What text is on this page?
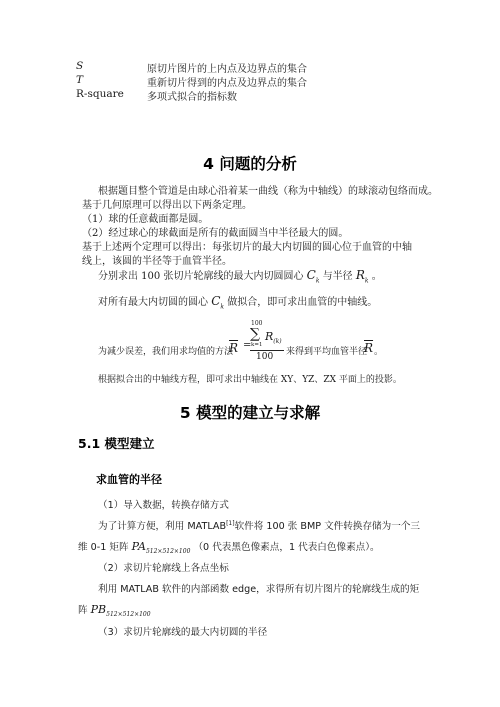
S	原切片图片的上内点及边界点的集合
T	重新切片得到的内点及边界点的集合
R-square 多项式拟合的指标数
4 问题的分析
根据题目整个管道是由球心沿着某一曲线（称为中轴线）的球滚动包络而成。
基于几何原理可以得出以下两条定理。
（1）球的任意截面都是圆。
（2）经过球心的球截面是所有的截面圆当中半径最大的圆。
基于上述两个定理可以得出：每张切片的最大内切圆的圆心位于血管的中轴
线上，该圆的半径等于血管半径。
分别求出 100 张切片轮廓线的最大内切圆圆心 $C_k$ 与半径 $R_k$ 。
对所有最大内切圆的圆心 $C_k$ 做拟合，即可求出血管的中轴线。
为减少误差，我们用求均值的方法
$\overline{R}$ =
100
∑
k=1
$R_{(k)}$
100 来得到平均血管半径
$\overline{R}$ 。
根据拟合出的中轴线方程，即可求出中轴线在 XY、YZ、ZX 平面上的投影。
5 模型的建立与求解
5.1 模型建立
求血管的半径
（1）导入数据，转换存储方式
为了计算方便，利用 MATLAB[1]软件将 100 张 BMP 文件转换存储为一个三
维 0-1 矩阵 $PA_{512\times 512\times 100}$ （0 代表黑色像素点，1 代表白色像素点）。
（2）求切片轮廓线上各点坐标
利用 MATLAB 软件的内部函数 edge，求得所有切片图片的轮廓线生成的矩
阵 $PB_{512\times 512\times 100}$
（3）求切片轮廓线的最大内切圆的半径
